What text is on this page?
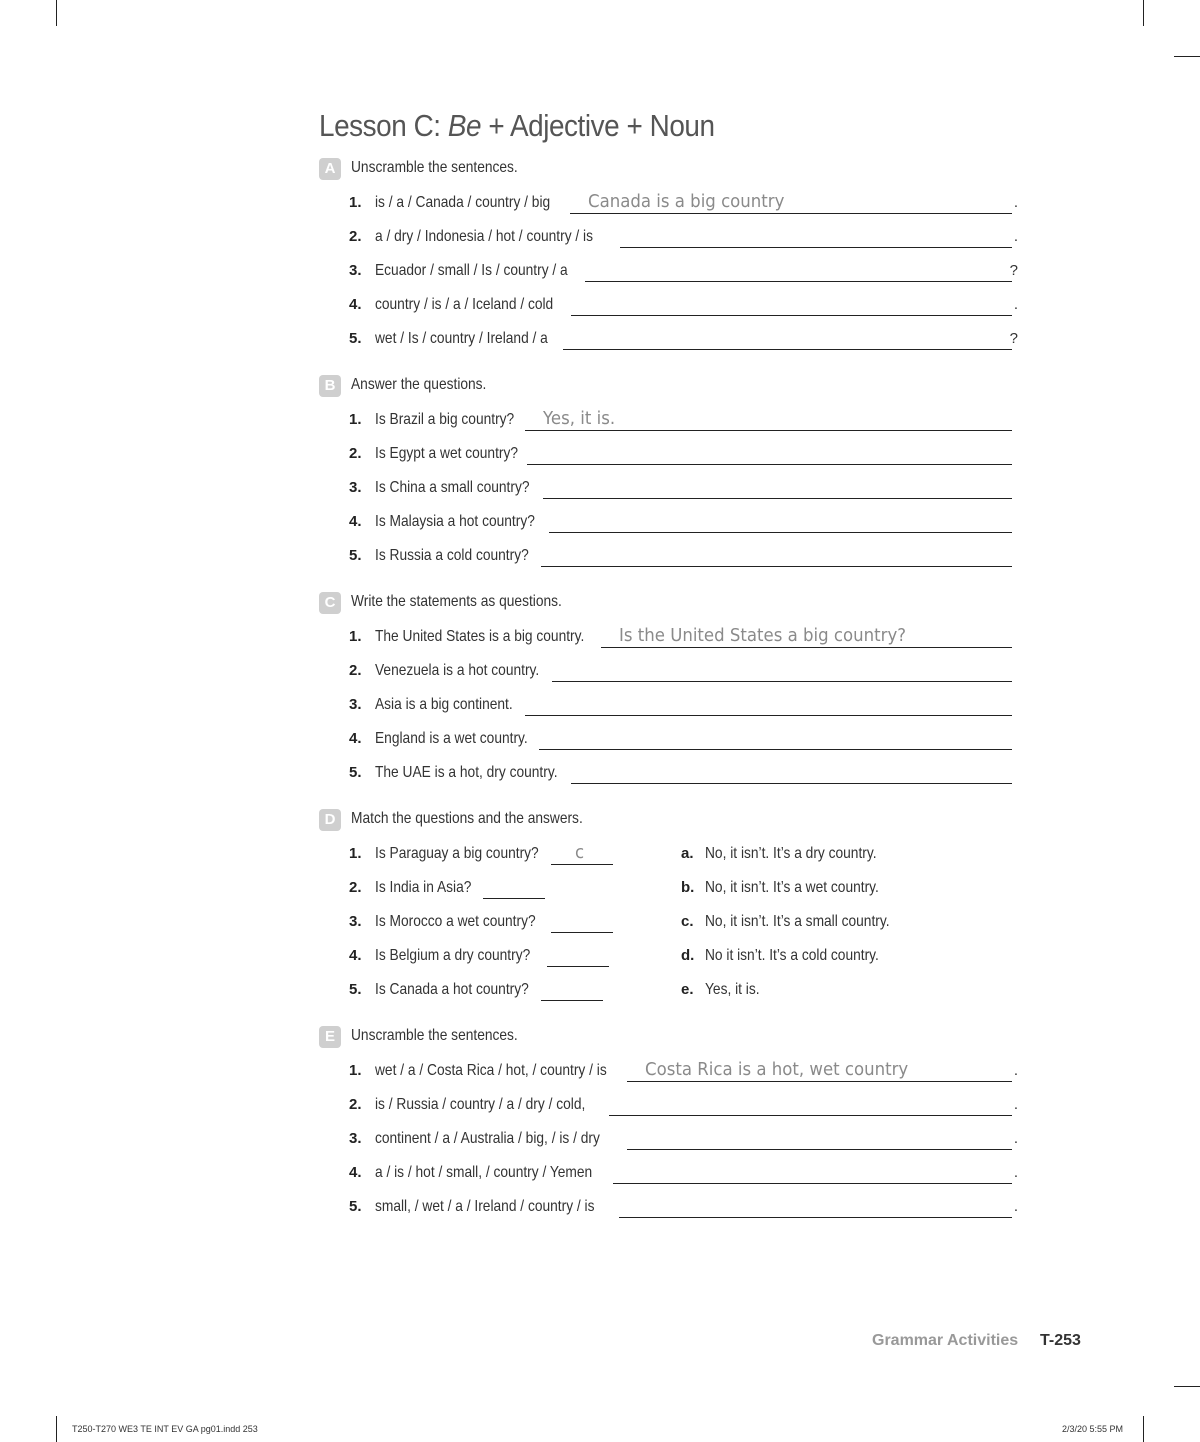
Lesson C: Be + Adjective + Noun
A Unscramble the sentences.
1. is / a / Canada / country / big Canada is a big country	.
2. a / dry / Indonesia / hot / country / is	.
3. Ecuador / small / Is / country / a	?
4. country / is / a / Iceland / cold	.
5. wet / Is / country / Ireland / a	?
B Answer the questions.
1. Is Brazil a big country? Yes, it is.
2. Is Egypt a wet country?
3. Is China a small country?
4. Is Malaysia a hot country?
5. Is Russia a cold country?
C Write the statements as questions.
1. The United States is a big country. Is the United States a big country?
2. Venezuela is a hot country.
3. Asia is a big continent.
4. England is a wet country.
5. The UAE is a hot, dry country.
D Match the questions and the answers.
1. Is Paraguay a big country? c	a. No, it isn’t. It’s a dry country.
2. Is India in Asia?	b. No, it isn’t. It’s a wet country.
3. Is Morocco a wet country?	c. No, it isn’t. It’s a small country.
4. Is Belgium a dry country?	d. No it isn’t. It’s a cold country.
5. Is Canada a hot country?	e. Yes, it is.
E	Unscramble the sentences.
1. wet / a / Costa Rica / hot, / country / is Costa Rica is a hot, wet country	.
2. is / Russia / country / a / dry / cold,	.
3. continent / a / Australia / big, / is / dry	.
4. a / is / hot / small, / country / Yemen	.
5. small, / wet / a / Ireland / country / is	.
Grammar Activities T-253
T250-T270 WE3 TE INT EV GA pg01.indd 253	2/3/20 5:55 PM
